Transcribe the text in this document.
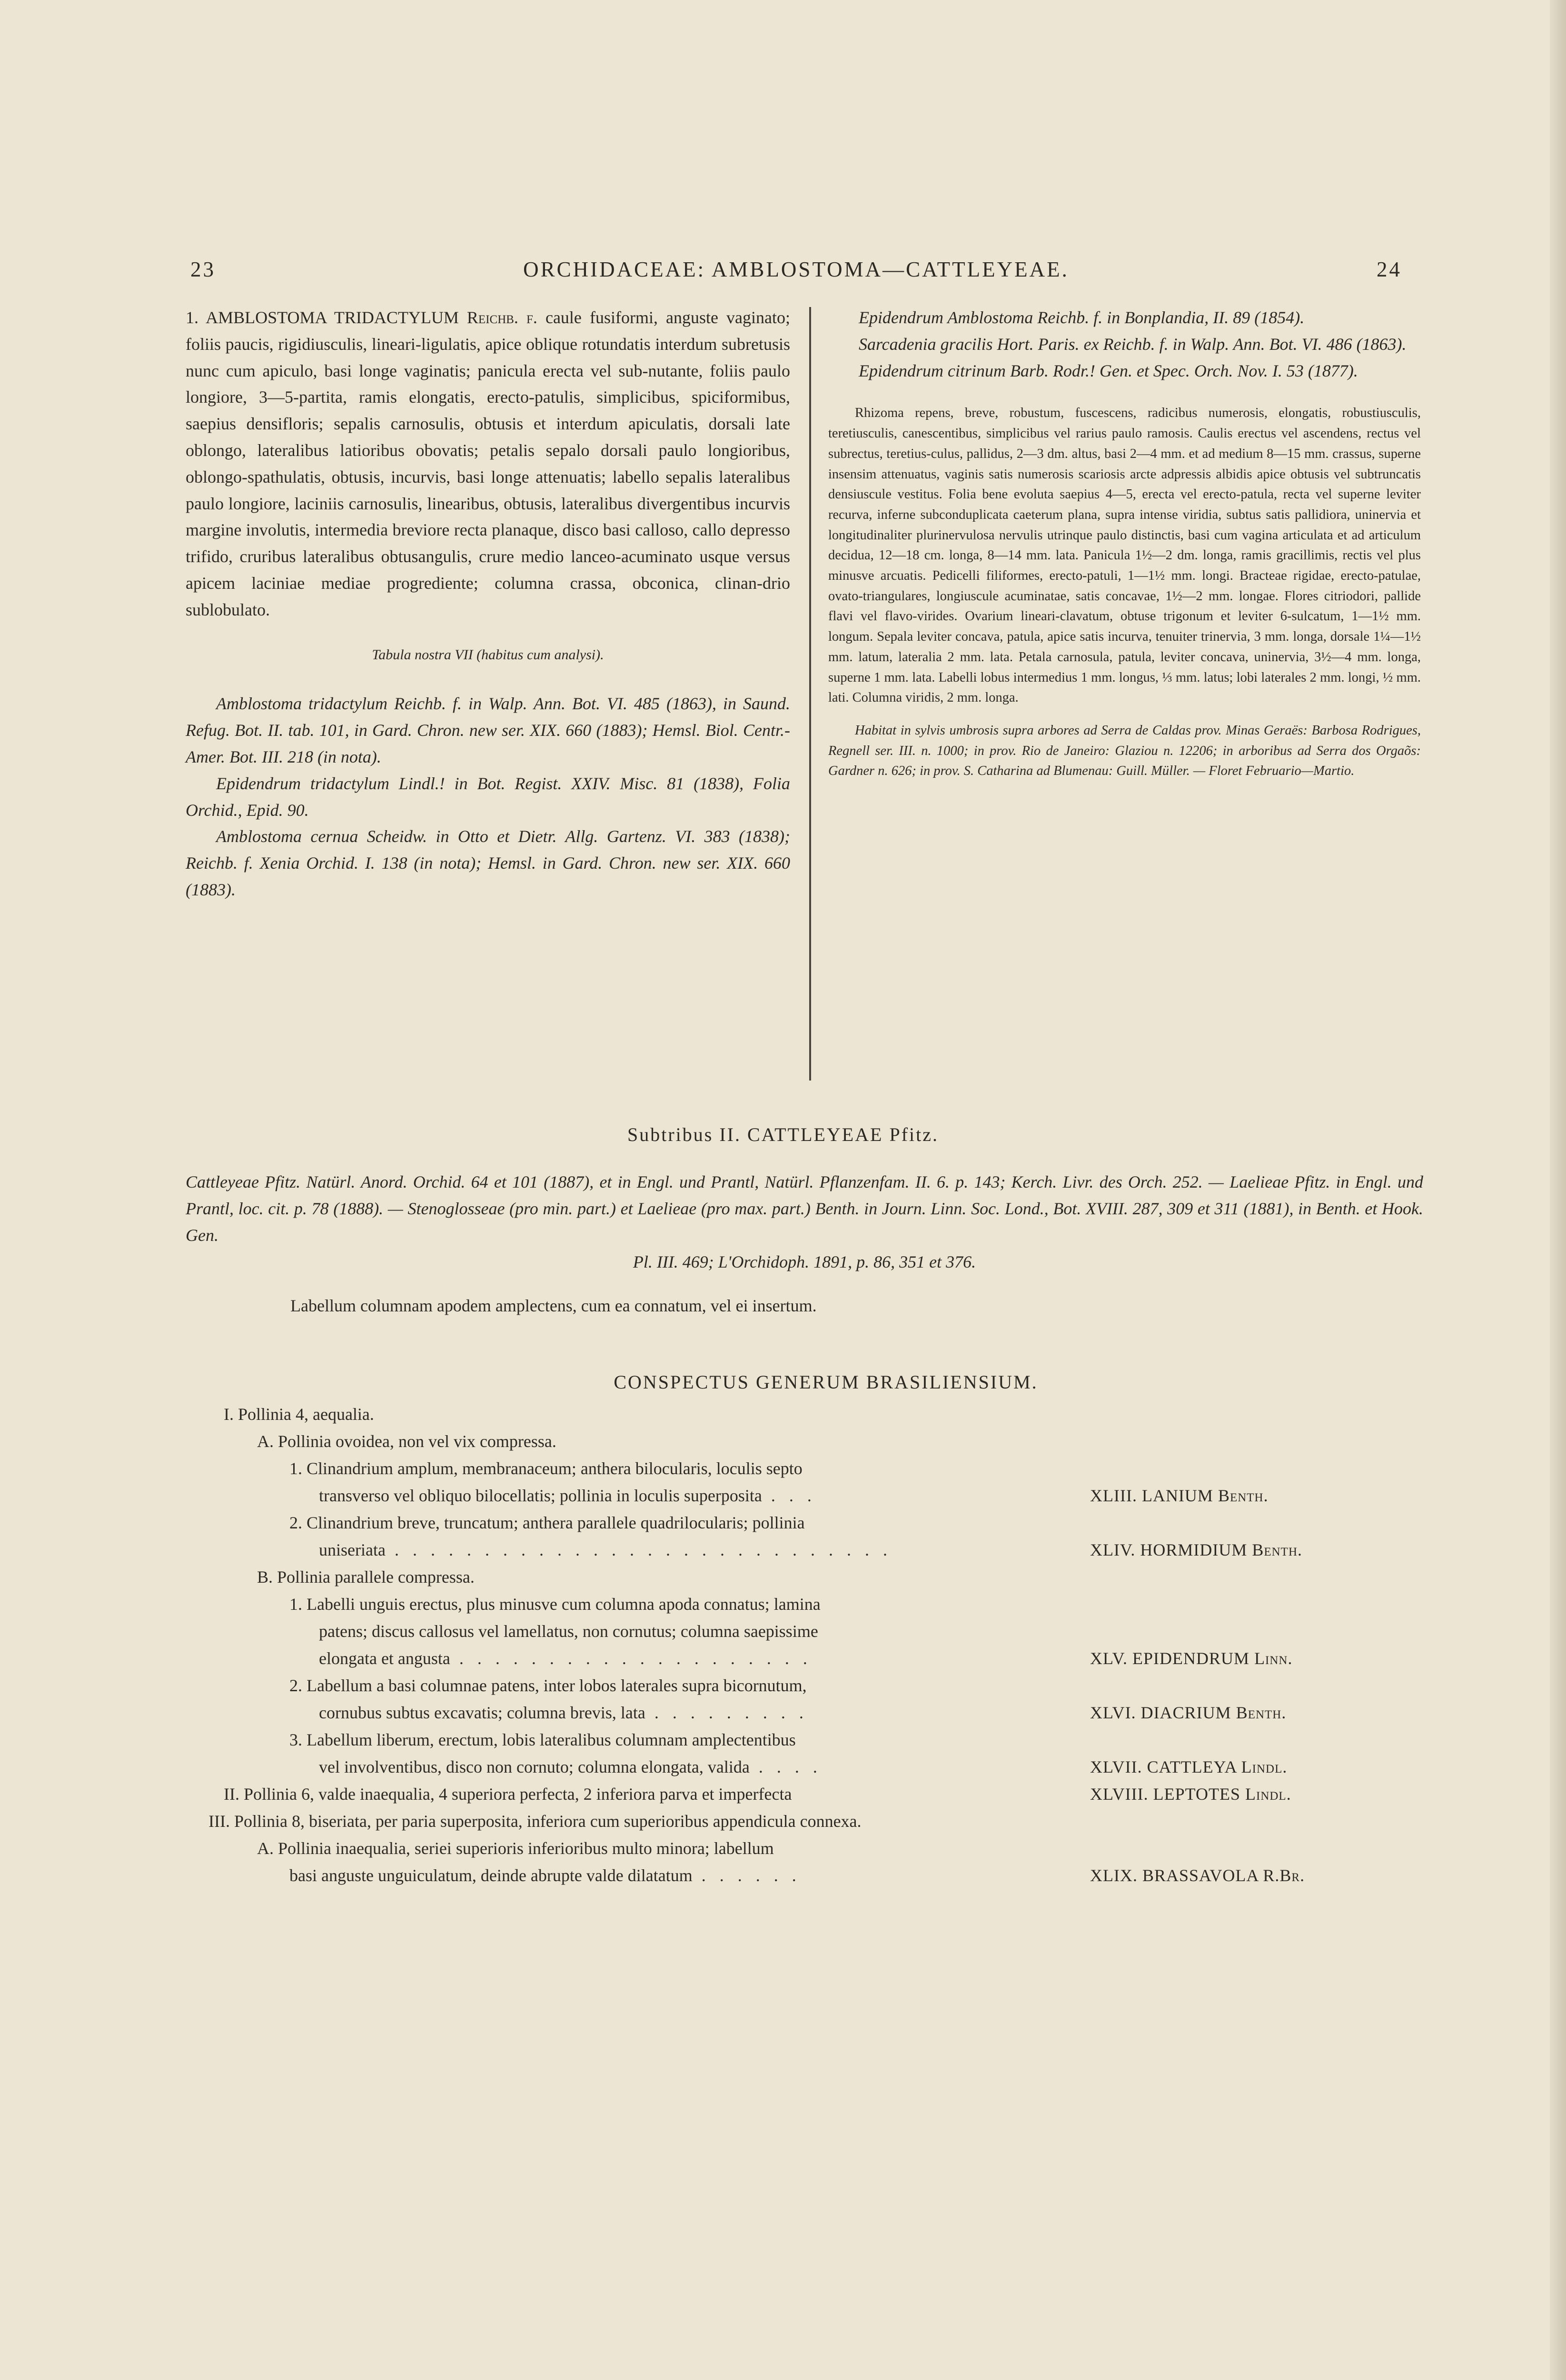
23	ORCHIDACEAE: AMBLOSTOMA—CATTLEYEAE.	24

1. AMBLOSTOMA TRIDACTYLUM Reichb. f. caule fusiformi, anguste vaginato; foliis paucis, rigidiusculis, lineari-ligulatis, apice oblique rotundatis interdum subretusis nunc cum apiculo, basi longe vaginatis; panicula erecta vel sub-nutante, foliis paulo longiore, 3—5-partita, ramis elongatis, erecto-patulis, simplicibus, spiciformibus, saepius densifloris; sepalis carnosulis, obtusis et interdum apiculatis, dorsali late oblongo, lateralibus latioribus obovatis; petalis sepalo dorsali paulo longioribus, oblongo-spathulatis, obtusis, incurvis, basi longe attenuatis; labello sepalis lateralibus paulo longiore, laciniis carnosulis, linearibus, obtusis, lateralibus divergentibus incurvis margine involutis, intermedia breviore recta planaque, disco basi calloso, callo depresso trifido, cruribus lateralibus obtusangulis, crure medio lanceo-acuminato usque versus apicem laciniae mediae progrediente; columna crassa, obconica, clinan-drio sublobulato.

Tabula nostra VII (habitus cum analysi).

Amblostoma tridactylum Reichb. f. in Walp. Ann. Bot. VI. 485 (1863), in Saund. Refug. Bot. II. tab. 101, in Gard. Chron. new ser. XIX. 660 (1883); Hemsl. Biol. Centr.-Amer. Bot. III. 218 (in nota).

Epidendrum tridactylum Lindl.! in Bot. Regist. XXIV. Misc. 81 (1838), Folia Orchid., Epid. 90.

Amblostoma cernua Scheidw. in Otto et Dietr. Allg. Gartenz. VI. 383 (1838); Reichb. f. Xenia Orchid. I. 138 (in nota); Hemsl. in Gard. Chron. new ser. XIX. 660 (1883).

Epidendrum Amblostoma Reichb. f. in Bonplandia, II. 89 (1854).

Sarcadenia gracilis Hort. Paris. ex Reichb. f. in Walp. Ann. Bot. VI. 486 (1863).

Epidendrum citrinum Barb. Rodr.! Gen. et Spec. Orch. Nov. I. 53 (1877).

Rhizoma repens, breve, robustum, fuscescens, radicibus numerosis, elongatis, robustiusculis, teretiusculis, canescentibus, simplicibus vel rarius paulo ramosis. Caulis erectus vel ascendens, rectus vel subrectus, teretius-culus, pallidus, 2—3 dm. altus, basi 2—4 mm. et ad medium 8—15 mm. crassus, superne insensim attenuatus, vaginis satis numerosis scariosis arcte adpressis albidis apice obtusis vel subtruncatis densiuscule vestitus. Folia bene evoluta saepius 4—5, erecta vel erecto-patula, recta vel superne leviter recurva, inferne subconduplicata caeterum plana, supra intense viridia, subtus satis pallidiora, uninervia et longitudinaliter plurinervulosa nervulis utrinque paulo distinctis, basi cum vagina articulata et ad articulum decidua, 12—18 cm. longa, 8—14 mm. lata. Panicula 1½—2 dm. longa, ramis gracillimis, rectis vel plus minusve arcuatis. Pedicelli filiformes, erecto-patuli, 1—1½ mm. longi. Bracteae rigidae, erecto-patulae, ovato-triangulares, longiuscule acuminatae, satis concavae, 1½—2 mm. longae. Flores citriodori, pallide flavi vel flavo-virides. Ovarium lineari-clavatum, obtuse trigonum et leviter 6-sulcatum, 1—1½ mm. longum. Sepala leviter concava, patula, apice satis incurva, tenuiter trinervia, 3 mm. longa, dorsale 1¼—1½ mm. latum, lateralia 2 mm. lata. Petala carnosula, patula, leviter concava, uninervia, 3½—4 mm. longa, superne 1 mm. lata. Labelli lobus intermedius 1 mm. longus, ⅓ mm. latus; lobi laterales 2 mm. longi, ½ mm. lati. Columna viridis, 2 mm. longa.

Habitat in sylvis umbrosis supra arbores ad Serra de Caldas prov. Minas Geraës: Barbosa Rodrigues, Regnell ser. III. n. 1000; in prov. Rio de Janeiro: Glaziou n. 12206; in arboribus ad Serra dos Orgaõs: Gardner n. 626; in prov. S. Catharina ad Blumenau: Guill. Müller. — Floret Februario—Martio.

Subtribus II. CATTLEYEAE Pfitz.

Cattleyeae Pfitz. Natürl. Anord. Orchid. 64 et 101 (1887), et in Engl. und Prantl, Natürl. Pflanzenfam. II. 6. p. 143; Kerch. Livr. des Orch. 252. — Laelieae Pfitz. in Engl. und Prantl, loc. cit. p. 78 (1888). — Stenoglosseae (pro min. part.) et Laelieae (pro max. part.) Benth. in Journ. Linn. Soc. Lond., Bot. XVIII. 287, 309 et 311 (1881), in Benth. et Hook. Gen.

Pl. III. 469; L'Orchidoph. 1891, p. 86, 351 et 376.

Labellum columnam apodem amplectens, cum ea connatum, vel ei insertum.
CONSPECTUS GENERUM BRASILIENSIUM.
I. Pollinia 4, aequalia.
A. Pollinia ovoidea, non vel vix compressa.
1. Clinandrium amplum, membranaceum; anthera bilocularis, loculis septo
transverso vel obliquo bilocellatis; pollinia in loculis superposita . . .
2. Clinandrium breve, truncatum; anthera parallele quadrilocularis; pollinia
uniseriata . . . . . . . . . . . . . . . . . . . . . . . . . . . .
B. Pollinia parallele compressa.
1. Labelli unguis erectus, plus minusve cum columna apoda connatus; lamina
patens; discus callosus vel lamellatus, non cornutus; columna saepissime
elongata et angusta . . . . . . . . . . . . . . . . . . . .
2. Labellum a basi columnae patens, inter lobos laterales supra bicornutum,
cornubus subtus excavatis; columna brevis, lata . . . . . . . . .
3. Labellum liberum, erectum, lobis lateralibus columnam amplectentibus
vel involventibus, disco non cornuto; columna elongata, valida . . . .
II. Pollinia 6, valde inaequalia, 4 superiora perfecta, 2 inferiora parva et imperfecta
III. Pollinia 8, biseriata, per paria superposita, inferiora cum superioribus appendicula connexa.
A. Pollinia inaequalia, seriei superioris inferioribus multo minora; labellum
basi anguste unguiculatum, deinde abrupte valde dilatatum . . . . . .
XLIII. LANIUM Benth.
XLIV. HORMIDIUM Benth.
XLV. EPIDENDRUM Linn.
XLVI. DIACRIUM Benth.
XLVII. CATTLEYA Lindl.
XLVIII. LEPTOTES Lindl.
XLIX. BRASSAVOLA R.Br.
